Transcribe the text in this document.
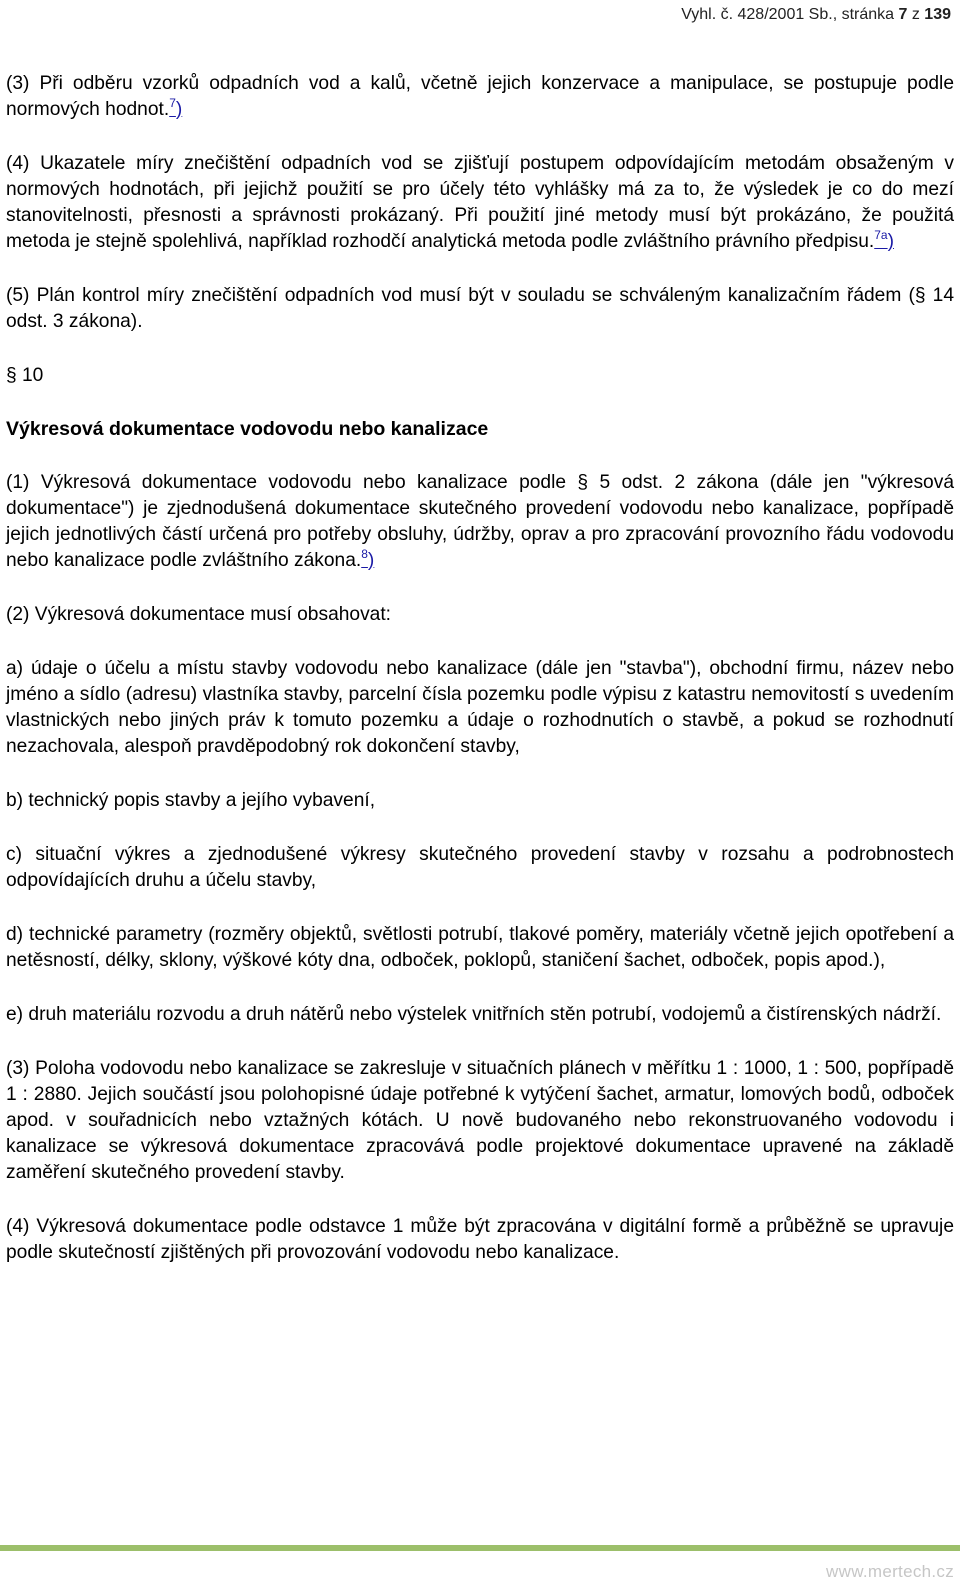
Vyhl. č. 428/2001 Sb., stránka 7 z 139

(3) Při odběru vzorků odpadních vod a kalů, včetně jejich konzervace a manipulace, se postupuje podle normových hodnot.$^7$)

(4) Ukazatele míry znečištění odpadních vod se zjišťují postupem odpovídajícím metodám obsaženým v normových hodnotách, při jejichž použití se pro účely této vyhlášky má za to, že výsledek je co do mezí stanovitelnosti, přesnosti a správnosti prokázaný. Při použití jiné metody musí být prokázáno, že použitá metoda je stejně spolehlivá, například rozhodčí analytická metoda podle zvláštního právního předpisu.$^{7a}$)

(5) Plán kontrol míry znečištění odpadních vod musí být v souladu se schváleným kanalizačním řádem (§ 14 odst. 3 zákona).

§ 10

Výkresová dokumentace vodovodu nebo kanalizace

(1) Výkresová dokumentace vodovodu nebo kanalizace podle § 5 odst. 2 zákona (dále jen "výkresová dokumentace") je zjednodušená dokumentace skutečného provedení vodovodu nebo kanalizace, popřípadě jejich jednotlivých částí určená pro potřeby obsluhy, údržby, oprav a pro zpracování provozního řádu vodovodu nebo kanalizace podle zvláštního zákona.$^8$)

(2) Výkresová dokumentace musí obsahovat:

a) údaje o účelu a místu stavby vodovodu nebo kanalizace (dále jen "stavba"), obchodní firmu, název nebo jméno a sídlo (adresu) vlastníka stavby, parcelní čísla pozemku podle výpisu z katastru nemovitostí s uvedením vlastnických nebo jiných práv k tomuto pozemku a údaje o rozhodnutích o stavbě, a pokud se rozhodnutí nezachovala, alespoň pravděpodobný rok dokončení stavby,

b) technický popis stavby a jejího vybavení,

c) situační výkres a zjednodušené výkresy skutečného provedení stavby v rozsahu a podrobnostech odpovídajících druhu a účelu stavby,

d) technické parametry (rozměry objektů, světlosti potrubí, tlakové poměry, materiály včetně jejich opotřebení a netěsností, délky, sklony, výškové kóty dna, odboček, poklopů, staničení šachet, odboček, popis apod.),

e) druh materiálu rozvodu a druh nátěrů nebo výstelek vnitřních stěn potrubí, vodojemů a čistírenských nádrží.

(3) Poloha vodovodu nebo kanalizace se zakresluje v situačních plánech v měřítku 1 : 1000, 1 : 500, popřípadě 1 : 2880. Jejich součástí jsou polohopisné údaje potřebné k vytýčení šachet, armatur, lomových bodů, odboček apod. v souřadnicích nebo vztažných kótách. U nově budovaného nebo rekonstruovaného vodovodu i kanalizace se výkresová dokumentace zpracovává podle projektové dokumentace upravené na základě zaměření skutečného provedení stavby.

(4) Výkresová dokumentace podle odstavce 1 může být zpracována v digitální formě a průběžně se upravuje podle skutečností zjištěných při provozování vodovodu nebo kanalizace.

www.mertech.cz
